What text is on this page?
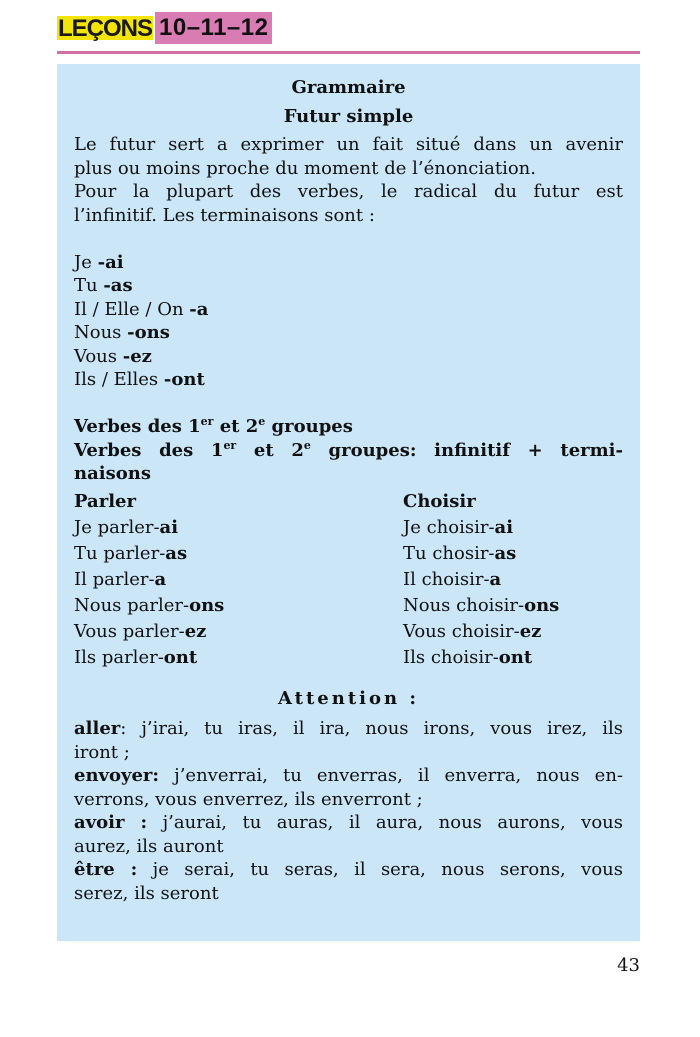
LEÇONS 10–11–12
Grammaire
Futur simple
Le futur sert a exprimer un fait situé dans un avenir
plus ou moins proche du moment de l’énonciation.
Pour la plupart des verbes, le radical du futur est
l’infinitif. Les terminaisons sont :
Je -ai
Tu -as
Il / Elle / On -a
Nous -ons
Vous -ez
Ils / Elles -ont
Verbes des 1er et 2e groupes
Verbes des 1er et 2e groupes: infinitif + termi-
naisons
Parler
Je parler-ai
Tu parler-as
Il parler-a
Nous parler-ons
Vous parler-ez
Ils parler-ont
Choisir
Je choisir-ai
Tu chosir-as
Il choisir-a
Nous choisir-ons
Vous choisir-ez
Ils choisir-ont
Attention :
aller: j’irai, tu iras, il ira, nous irons, vous irez, ils
iront ;
envoyer: j’enverrai, tu enverras, il enverra, nous en-
verrons, vous enverrez, ils enverront ;
avoir : j’aurai, tu auras, il aura, nous aurons, vous
aurez, ils auront
être : je serai, tu seras, il sera, nous serons, vous
serez, ils seront
43
